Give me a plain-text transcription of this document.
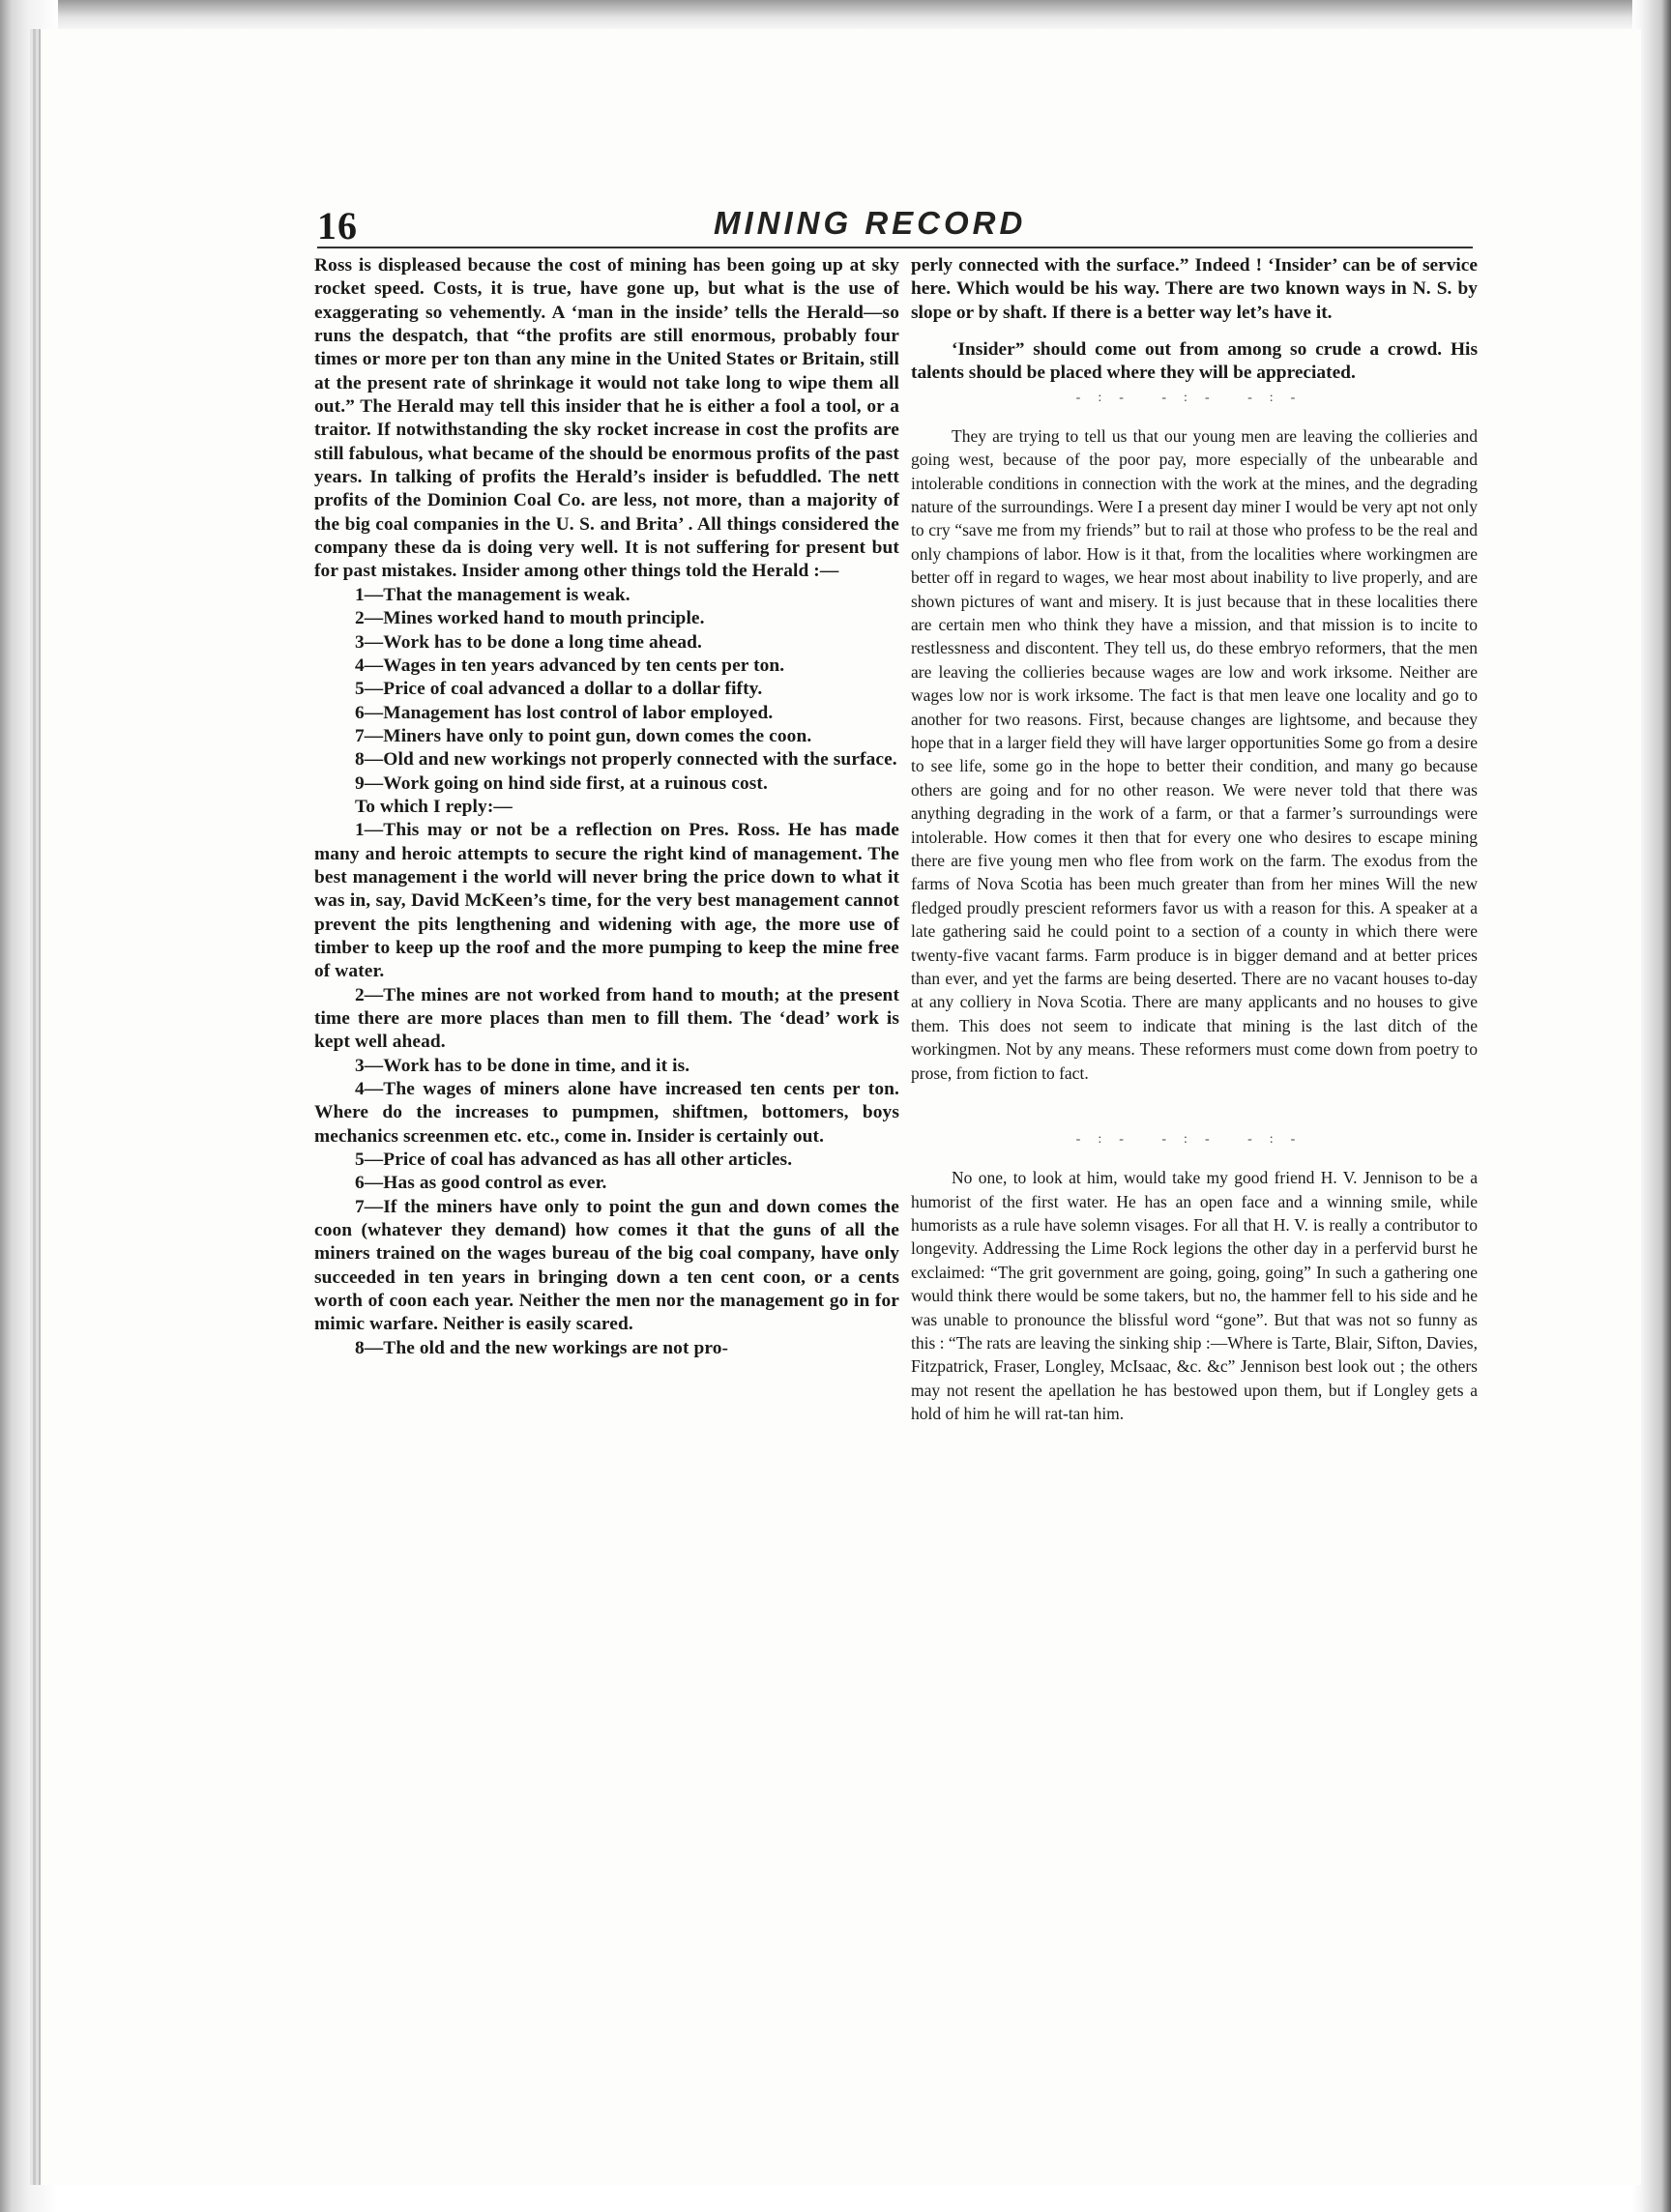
16	MINING RECORD

Ross is displeased because the cost of mining has been going up at sky rocket speed. Costs, it is true, have gone up, but what is the use of exaggerating so vehemently. A ‘man in the inside’ tells the Herald—so runs the despatch, that “the profits are still enormous, probably four times or more per ton than any mine in the United States or Britain, still at the present rate of shrinkage it would not take long to wipe them all out.” The Herald may tell this insider that he is either a fool a tool, or a traitor. If notwithstanding the sky rocket increase in cost the profits are still fabulous, what became of the should be enormous profits of the past years. In talking of profits the Herald’s insider is befuddled. The nett profits of the Dominion Coal Co. are less, not more, than a majority of the big coal companies in the U. S. and Brita’ . All things considered the company these da is doing very well. It is not suffering for present but for past mistakes. Insider among other things told the Herald :—

1—That the management is weak.

2—Mines worked hand to mouth principle.

3—Work has to be done a long time ahead.

4—Wages in ten years advanced by ten cents per ton.

5—Price of coal advanced a dollar to a dollar fifty.

6—Management has lost control of labor employed.

7—Miners have only to point gun, down comes the coon.

8—Old and new workings not properly connected with the surface.

9—Work going on hind side first, at a ruinous cost.

To which I reply:—

1—This may or not be a reflection on Pres. Ross. He has made many and heroic attempts to secure the right kind of management. The best management i the world will never bring the price down to what it was in, say, David McKeen’s time, for the very best management cannot prevent the pits lengthening and widening with age, the more use of timber to keep up the roof and the more pumping to keep the mine free of water.

2—The mines are not worked from hand to mouth; at the present time there are more places than men to fill them. The ‘dead’ work is kept well ahead.

3—Work has to be done in time, and it is.

4—The wages of miners alone have increased ten cents per ton. Where do the increases to pumpmen, shiftmen, bottomers, boys mechanics screenmen etc. etc., come in. Insider is certainly out.

5—Price of coal has advanced as has all other articles.

6—Has as good control as ever.

7—If the miners have only to point the gun and down comes the coon (whatever they demand) how comes it that the guns of all the miners trained on the wages bureau of the big coal company, have only succeeded in ten years in bringing down a ten cent coon, or a cents worth of coon each year. Neither the men nor the management go in for mimic warfare. Neither is easily scared.

8—The old and the new workings are not pro-

perly connected with the surface.” Indeed ! ‘Insider’ can be of service here. Which would be his way. There are two known ways in N. S. by slope or by shaft. If there is a better way let’s have it.

‘Insider” should come out from among so crude a crowd. His talents should be placed where they will be appreciated.

-:- -:- -:-

They are trying to tell us that our young men are leaving the collieries and going west, because of the poor pay, more especially of the unbearable and intolerable conditions in connection with the work at the mines, and the degrading nature of the surroundings. Were I a present day miner I would be very apt not only to cry “save me from my friends” but to rail at those who profess to be the real and only champions of labor. How is it that, from the localities where workingmen are better off in regard to wages, we hear most about inability to live properly, and are shown pictures of want and misery. It is just because that in these localities there are certain men who think they have a mission, and that mission is to incite to restlessness and discontent. They tell us, do these embryo reformers, that the men are leaving the collieries because wages are low and work irksome. Neither are wages low nor is work irksome. The fact is that men leave one locality and go to another for two reasons. First, because changes are lightsome, and because they hope that in a larger field they will have larger opportunities Some go from a desire to see life, some go in the hope to better their condition, and many go because others are going and for no other reason. We were never told that there was anything degrading in the work of a farm, or that a farmer’s surroundings were intolerable. How comes it then that for every one who desires to escape mining there are five young men who flee from work on the farm. The exodus from the farms of Nova Scotia has been much greater than from her mines Will the new fledged proudly prescient reformers favor us with a reason for this. A speaker at a late gathering said he could point to a section of a county in which there were twenty-five vacant farms. Farm produce is in bigger demand and at better prices than ever, and yet the farms are being deserted. There are no vacant houses to-day at any colliery in Nova Scotia. There are many applicants and no houses to give them. This does not seem to indicate that mining is the last ditch of the workingmen. Not by any means. These reformers must come down from poetry to prose, from fiction to fact.

-:- -:- -:-

No one, to look at him, would take my good friend H. V. Jennison to be a humorist of the first water. He has an open face and a winning smile, while humorists as a rule have solemn visages. For all that H. V. is really a contributor to longevity. Addressing the Lime Rock legions the other day in a perfervid burst he exclaimed: “The grit government are going, going, going” In such a gathering one would think there would be some takers, but no, the hammer fell to his side and he was unable to pronounce the blissful word “gone”. But that was not so funny as this : “The rats are leaving the sinking ship :—Where is Tarte, Blair, Sifton, Davies, Fitzpatrick, Fraser, Longley, McIsaac, &c. &c” Jennison best look out ; the others may not resent the apellation he has bestowed upon them, but if Longley gets a hold of him he will rat-tan him.
